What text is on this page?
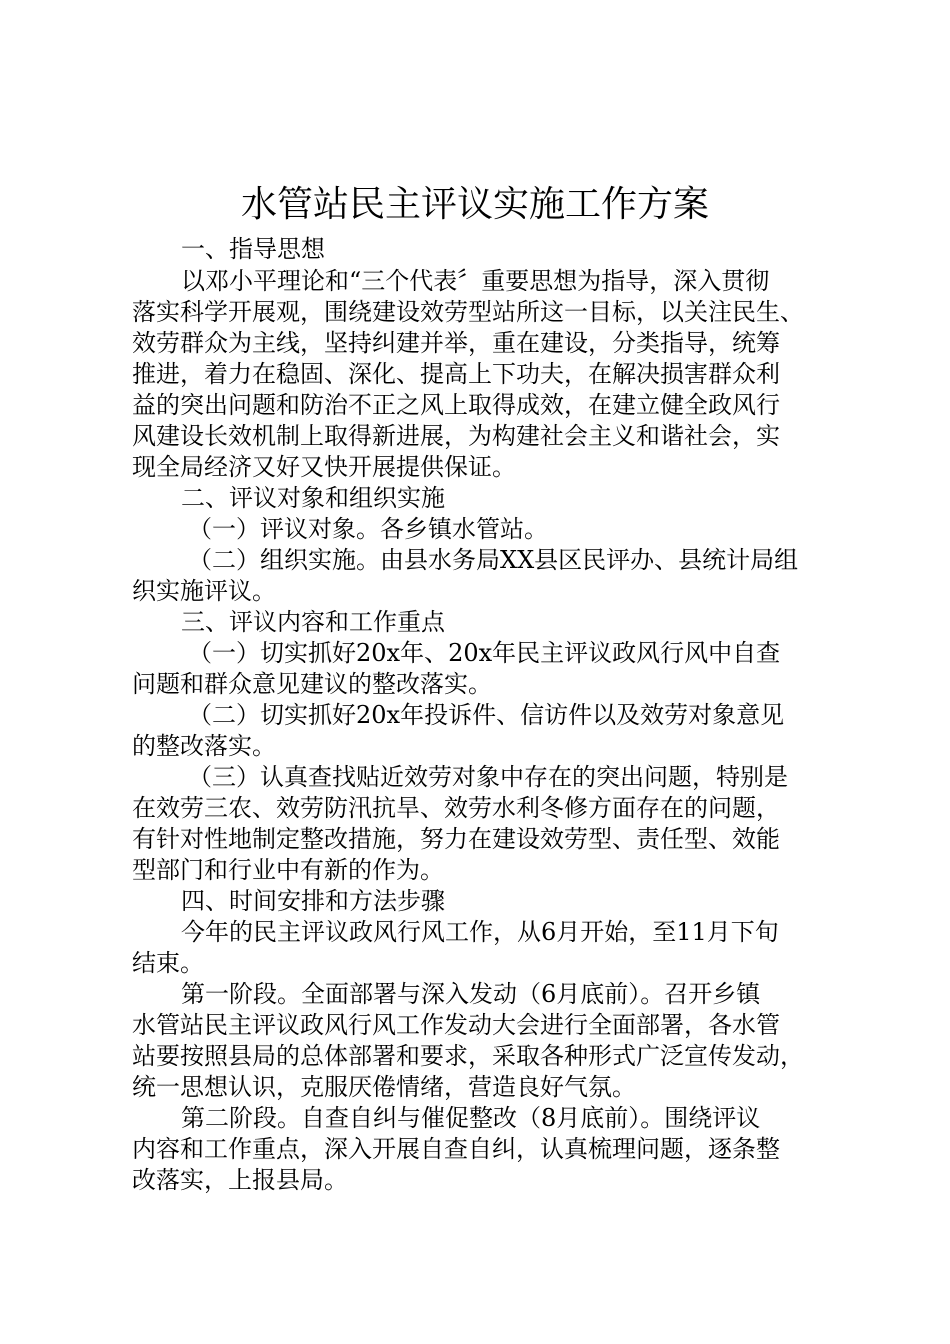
水管站民主评议实施工作方案
一、指导思想
以邓小平理论和“三个代表〞重要思想为指导，深入贯彻
落实科学开展观，围绕建设效劳型站所这一目标，以关注民生、
效劳群众为主线，坚持纠建并举，重在建设，分类指导，统筹
推进，着力在稳固、深化、提高上下功夫，在解决损害群众利
益的突出问题和防治不正之风上取得成效，在建立健全政风行
风建设长效机制上取得新进展，为构建社会主义和谐社会，实
现全局经济又好又快开展提供保证。
二、评议对象和组织实施
（一）评议对象。各乡镇水管站。
（二）组织实施。由县水务局XX县区民评办、县统计局组
织实施评议。
三、评议内容和工作重点
（一）切实抓好20x年、20x年民主评议政风行风中自查
问题和群众意见建议的整改落实。
（二）切实抓好20x年投诉件、信访件以及效劳对象意见
的整改落实。
（三）认真查找贴近效劳对象中存在的突出问题，特别是
在效劳三农、效劳防汛抗旱、效劳水利冬修方面存在的问题，
有针对性地制定整改措施，努力在建设效劳型、责任型、效能
型部门和行业中有新的作为。
四、时间安排和方法步骤
今年的民主评议政风行风工作，从6月开始，至11月下旬
结束。
第一阶段。全面部署与深入发动（6月底前）。召开乡镇
水管站民主评议政风行风工作发动大会进行全面部署，各水管
站要按照县局的总体部署和要求，采取各种形式广泛宣传发动，
统一思想认识，克服厌倦情绪，营造良好气氛。
第二阶段。自查自纠与催促整改（8月底前）。围绕评议
内容和工作重点，深入开展自查自纠，认真梳理问题，逐条整
改落实，上报县局。
